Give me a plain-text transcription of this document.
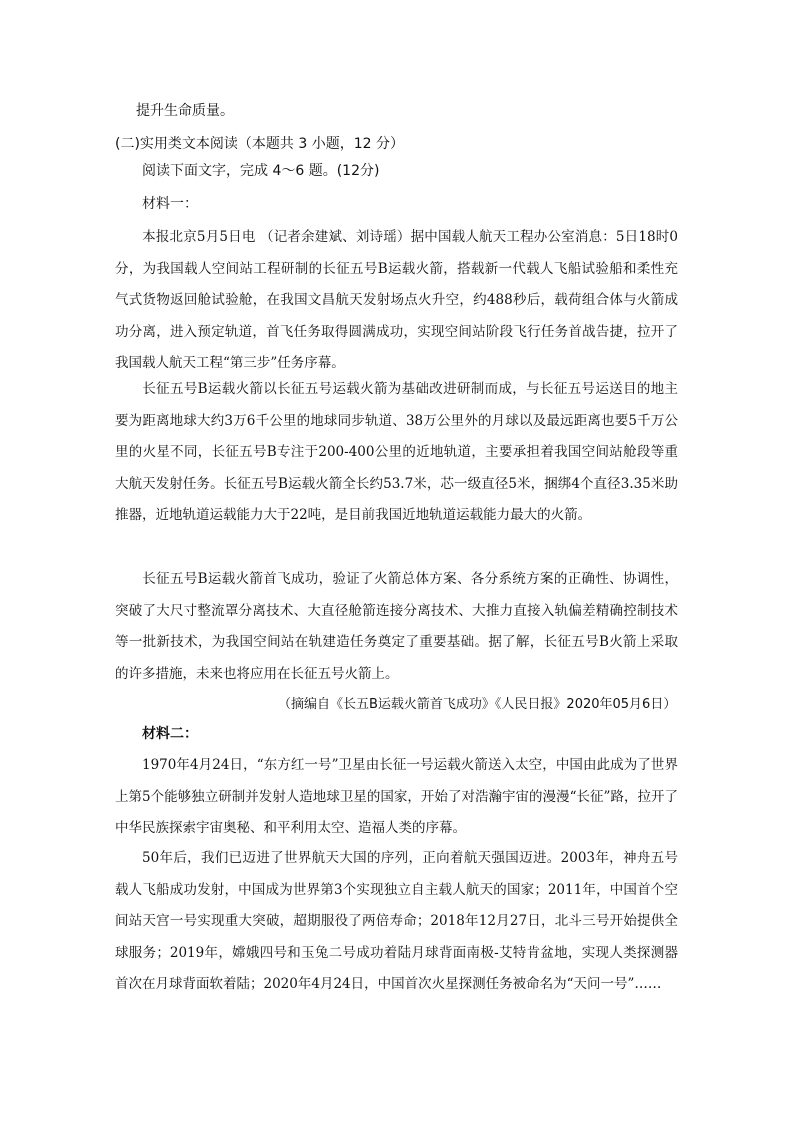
提升生命质量。
(二)实用类文本阅读（本题共 3 小题，12 分）
阅读下面文字，完成 4～6 题。(12分)
材料一：
本报北京5月5日电 （记者余建斌、刘诗瑶）据中国载人航天工程办公室消息：5日18时0分，为我国载人空间站工程研制的长征五号B运载火箭，搭载新一代载人飞船试验船和柔性充气式货物返回舱试验舱，在我国文昌航天发射场点火升空，约488秒后，载荷组合体与火箭成功分离，进入预定轨道，首飞任务取得圆满成功，实现空间站阶段飞行任务首战告捷，拉开了我国载人航天工程“第三步”任务序幕。
长征五号B运载火箭以长征五号运载火箭为基础改进研制而成，与长征五号运送目的地主要为距离地球大约3万6千公里的地球同步轨道、38万公里外的月球以及最远距离也要5千万公里的火星不同，长征五号B专注于200-400公里的近地轨道，主要承担着我国空间站舱段等重大航天发射任务。长征五号B运载火箭全长约53.7米，芯一级直径5米，捆绑4个直径3.35米助推器，近地轨道运载能力大于22吨，是目前我国近地轨道运载能力最大的火箭。
长征五号B运载火箭首飞成功，验证了火箭总体方案、各分系统方案的正确性、协调性，突破了大尺寸整流罩分离技术、大直径舱箭连接分离技术、大推力直接入轨偏差精确控制技术等一批新技术，为我国空间站在轨建造任务奠定了重要基础。据了解，长征五号B火箭上采取的许多措施，未来也将应用在长征五号火箭上。
（摘编自《长五B运载火箭首飞成功》《人民日报》2020年05月6日）
材料二：
1970年4月24日，“东方红一号”卫星由长征一号运载火箭送入太空，中国由此成为了世界上第5个能够独立研制并发射人造地球卫星的国家，开始了对浩瀚宇宙的漫漫“长征”路，拉开了中华民族探索宇宙奥秘、和平利用太空、造福人类的序幕。
50年后，我们已迈进了世界航天大国的序列，正向着航天强国迈进。2003年，神舟五号载人飞船成功发射，中国成为世界第3个实现独立自主载人航天的国家；2011年，中国首个空间站天宫一号实现重大突破，超期服役了两倍寿命；2018年12月27日，北斗三号开始提供全球服务；2019年，嫦娥四号和玉兔二号成功着陆月球背面南极-艾特肯盆地，实现人类探测器首次在月球背面软着陆；2020年4月24日，中国首次火星探测任务被命名为“天问一号”……
